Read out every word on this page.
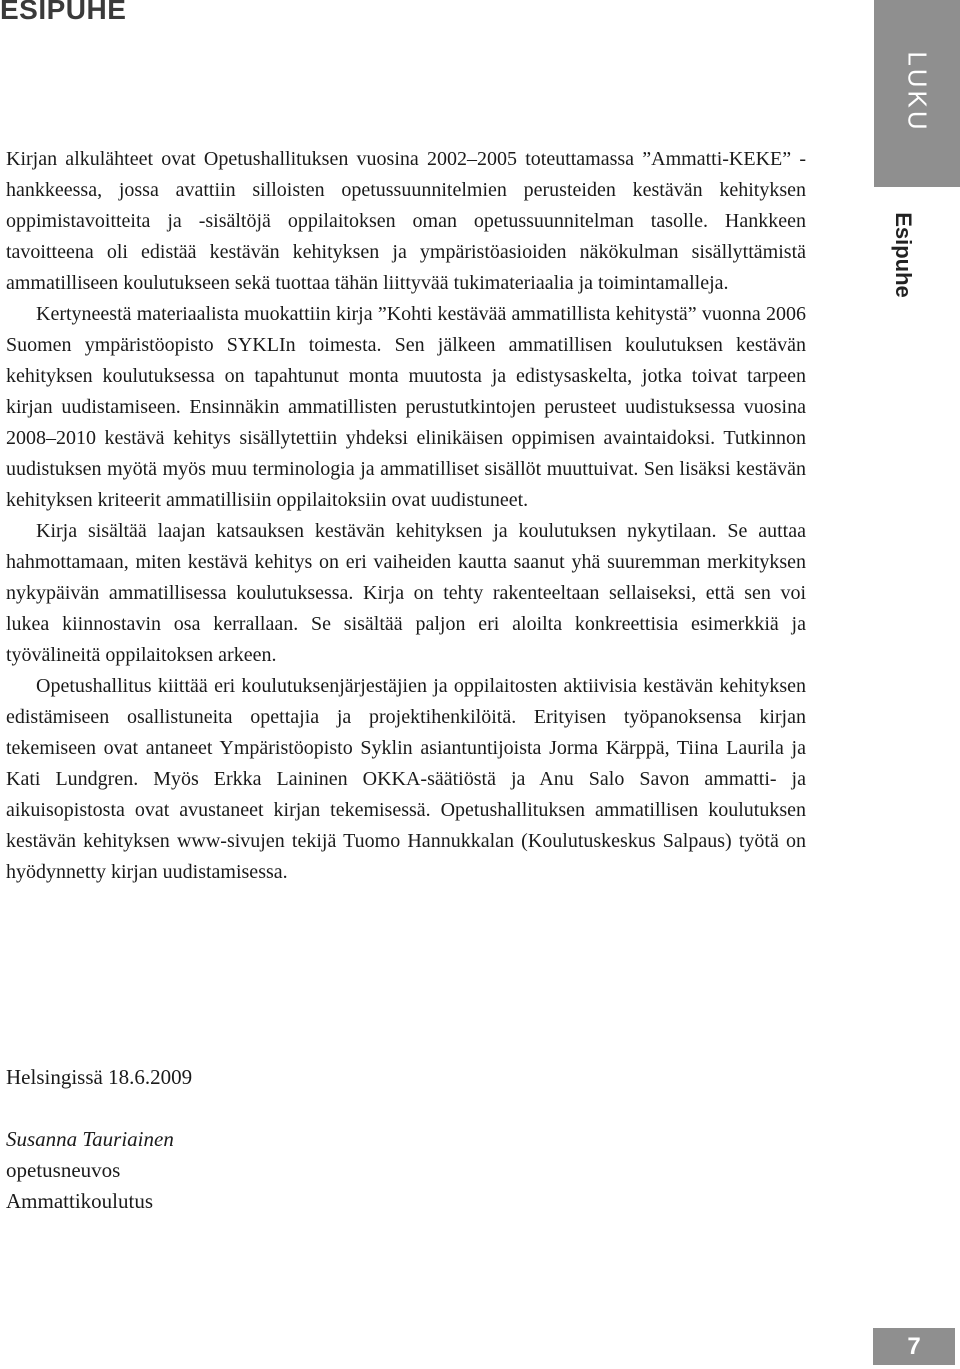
ESIPUHE
LUKU
Esipuhe

Kirjan alkulähteet ovat Opetushallituksen vuosina 2002–2005 toteuttamassa ”Ammatti-KEKE” -hankkeessa, jossa avattiin silloisten opetussuunnitelmien perusteiden kestävän kehityksen oppimistavoitteita ja -sisältöjä oppilaitoksen oman opetussuunnitelman tasolle. Hankkeen tavoitteena oli edistää kestävän kehityksen ja ympäristöasioiden näkökulman sisällyttämistä ammatilliseen koulutukseen sekä tuottaa tähän liittyvää tukimateriaalia ja toimintamalleja.

Kertyneestä materiaalista muokattiin kirja ”Kohti kestävää ammatillista kehitystä” vuonna 2006 Suomen ympäristöopisto SYKLIn toimesta. Sen jälkeen ammatillisen koulutuksen kestävän kehityksen koulutuksessa on tapahtunut monta muutosta ja edistysaskelta, jotka toivat tarpeen kirjan uudistamiseen. Ensinnäkin ammatillisten perustutkintojen perusteet uudistuksessa vuosina 2008–2010 kestävä kehitys sisällytettiin yhdeksi elinikäisen oppimisen avaintaidoksi. Tutkinnon uudistuksen myötä myös muu terminologia ja ammatilliset sisällöt muuttuivat. Sen lisäksi kestävän kehityksen kriteerit ammatillisiin oppilaitoksiin ovat uudistuneet.

Kirja sisältää laajan katsauksen kestävän kehityksen ja koulutuksen nykytilaan. Se auttaa hahmottamaan, miten kestävä kehitys on eri vaiheiden kautta saanut yhä suuremman merkityksen nykypäivän ammatillisessa koulutuksessa. Kirja on tehty rakenteeltaan sellaiseksi, että sen voi lukea kiinnostavin osa kerrallaan. Se sisältää paljon eri aloilta konkreettisia esimerkkiä ja työvälineitä oppilaitoksen arkeen.

Opetushallitus kiittää eri koulutuksenjärjestäjien ja oppilaitosten aktiivisia kestävän kehityksen edistämiseen osallistuneita opettajia ja projektihenkilöitä. Erityisen työpanoksensa kirjan tekemiseen ovat antaneet Ympäristöopisto Syklin asiantuntijoista Jorma Kärppä, Tiina Laurila ja Kati Lundgren. Myös Erkka Laininen OKKA-säätiöstä ja Anu Salo Savon ammatti- ja aikuisopistosta ovat avustaneet kirjan tekemisessä. Opetushallituksen ammatillisen koulutuksen kestävän kehityksen www-sivujen tekijä Tuomo Hannukkalan (Koulutuskeskus Salpaus) työtä on hyödynnetty kirjan uudistamisessa.

Helsingissä 18.6.2009
Susanna Tauriainen
opetusneuvos
Ammattikoulutus
7
